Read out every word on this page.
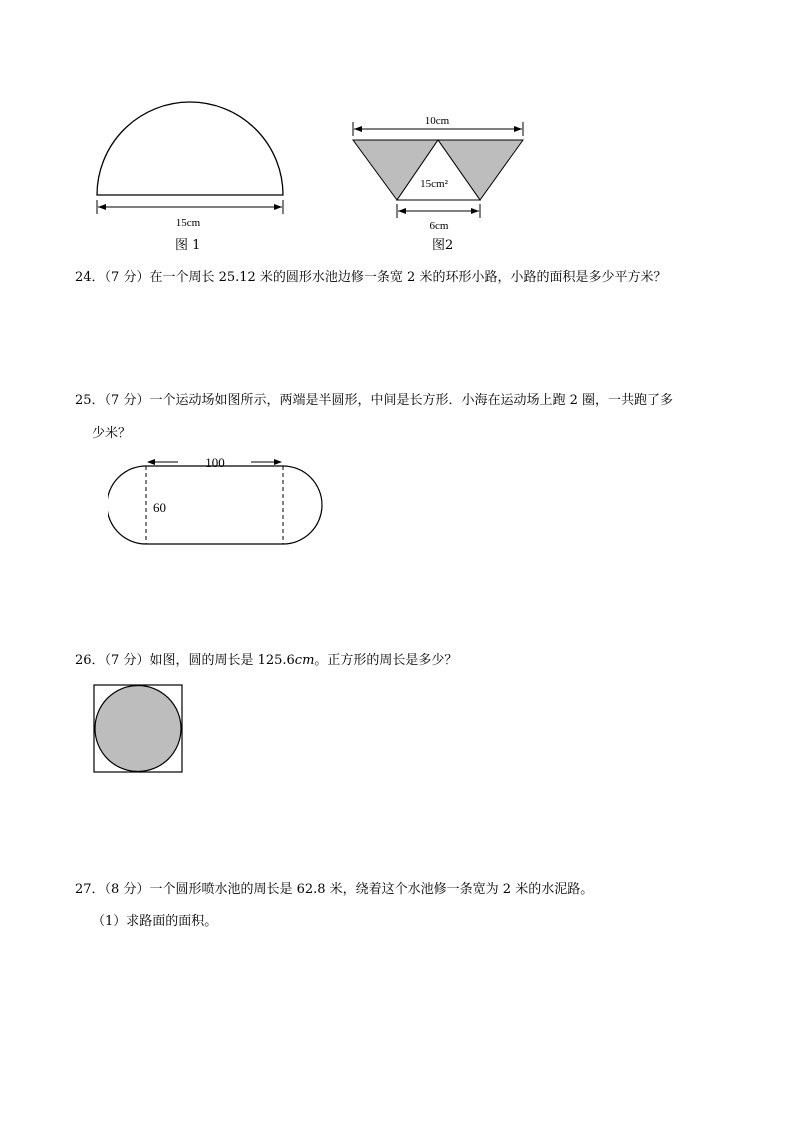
15cm
图 1
10cm
15cm²
6cm
图2
24．（7 分）在一个周长 25.12 米的圆形水池边修一条宽 2 米的环形小路，小路的面积是多少平方米？
25．（7 分）一个运动场如图所示，两端是半圆形，中间是长方形．小海在运动场上跑 2 圈，一共跑了多
少米？
100
60
26．（7 分）如图，圆的周长是 125.6cm。正方形的周长是多少？
27．（8 分）一个圆形喷水池的周长是 62.8 米，绕着这个水池修一条宽为 2 米的水泥路。
（1）求路面的面积。
